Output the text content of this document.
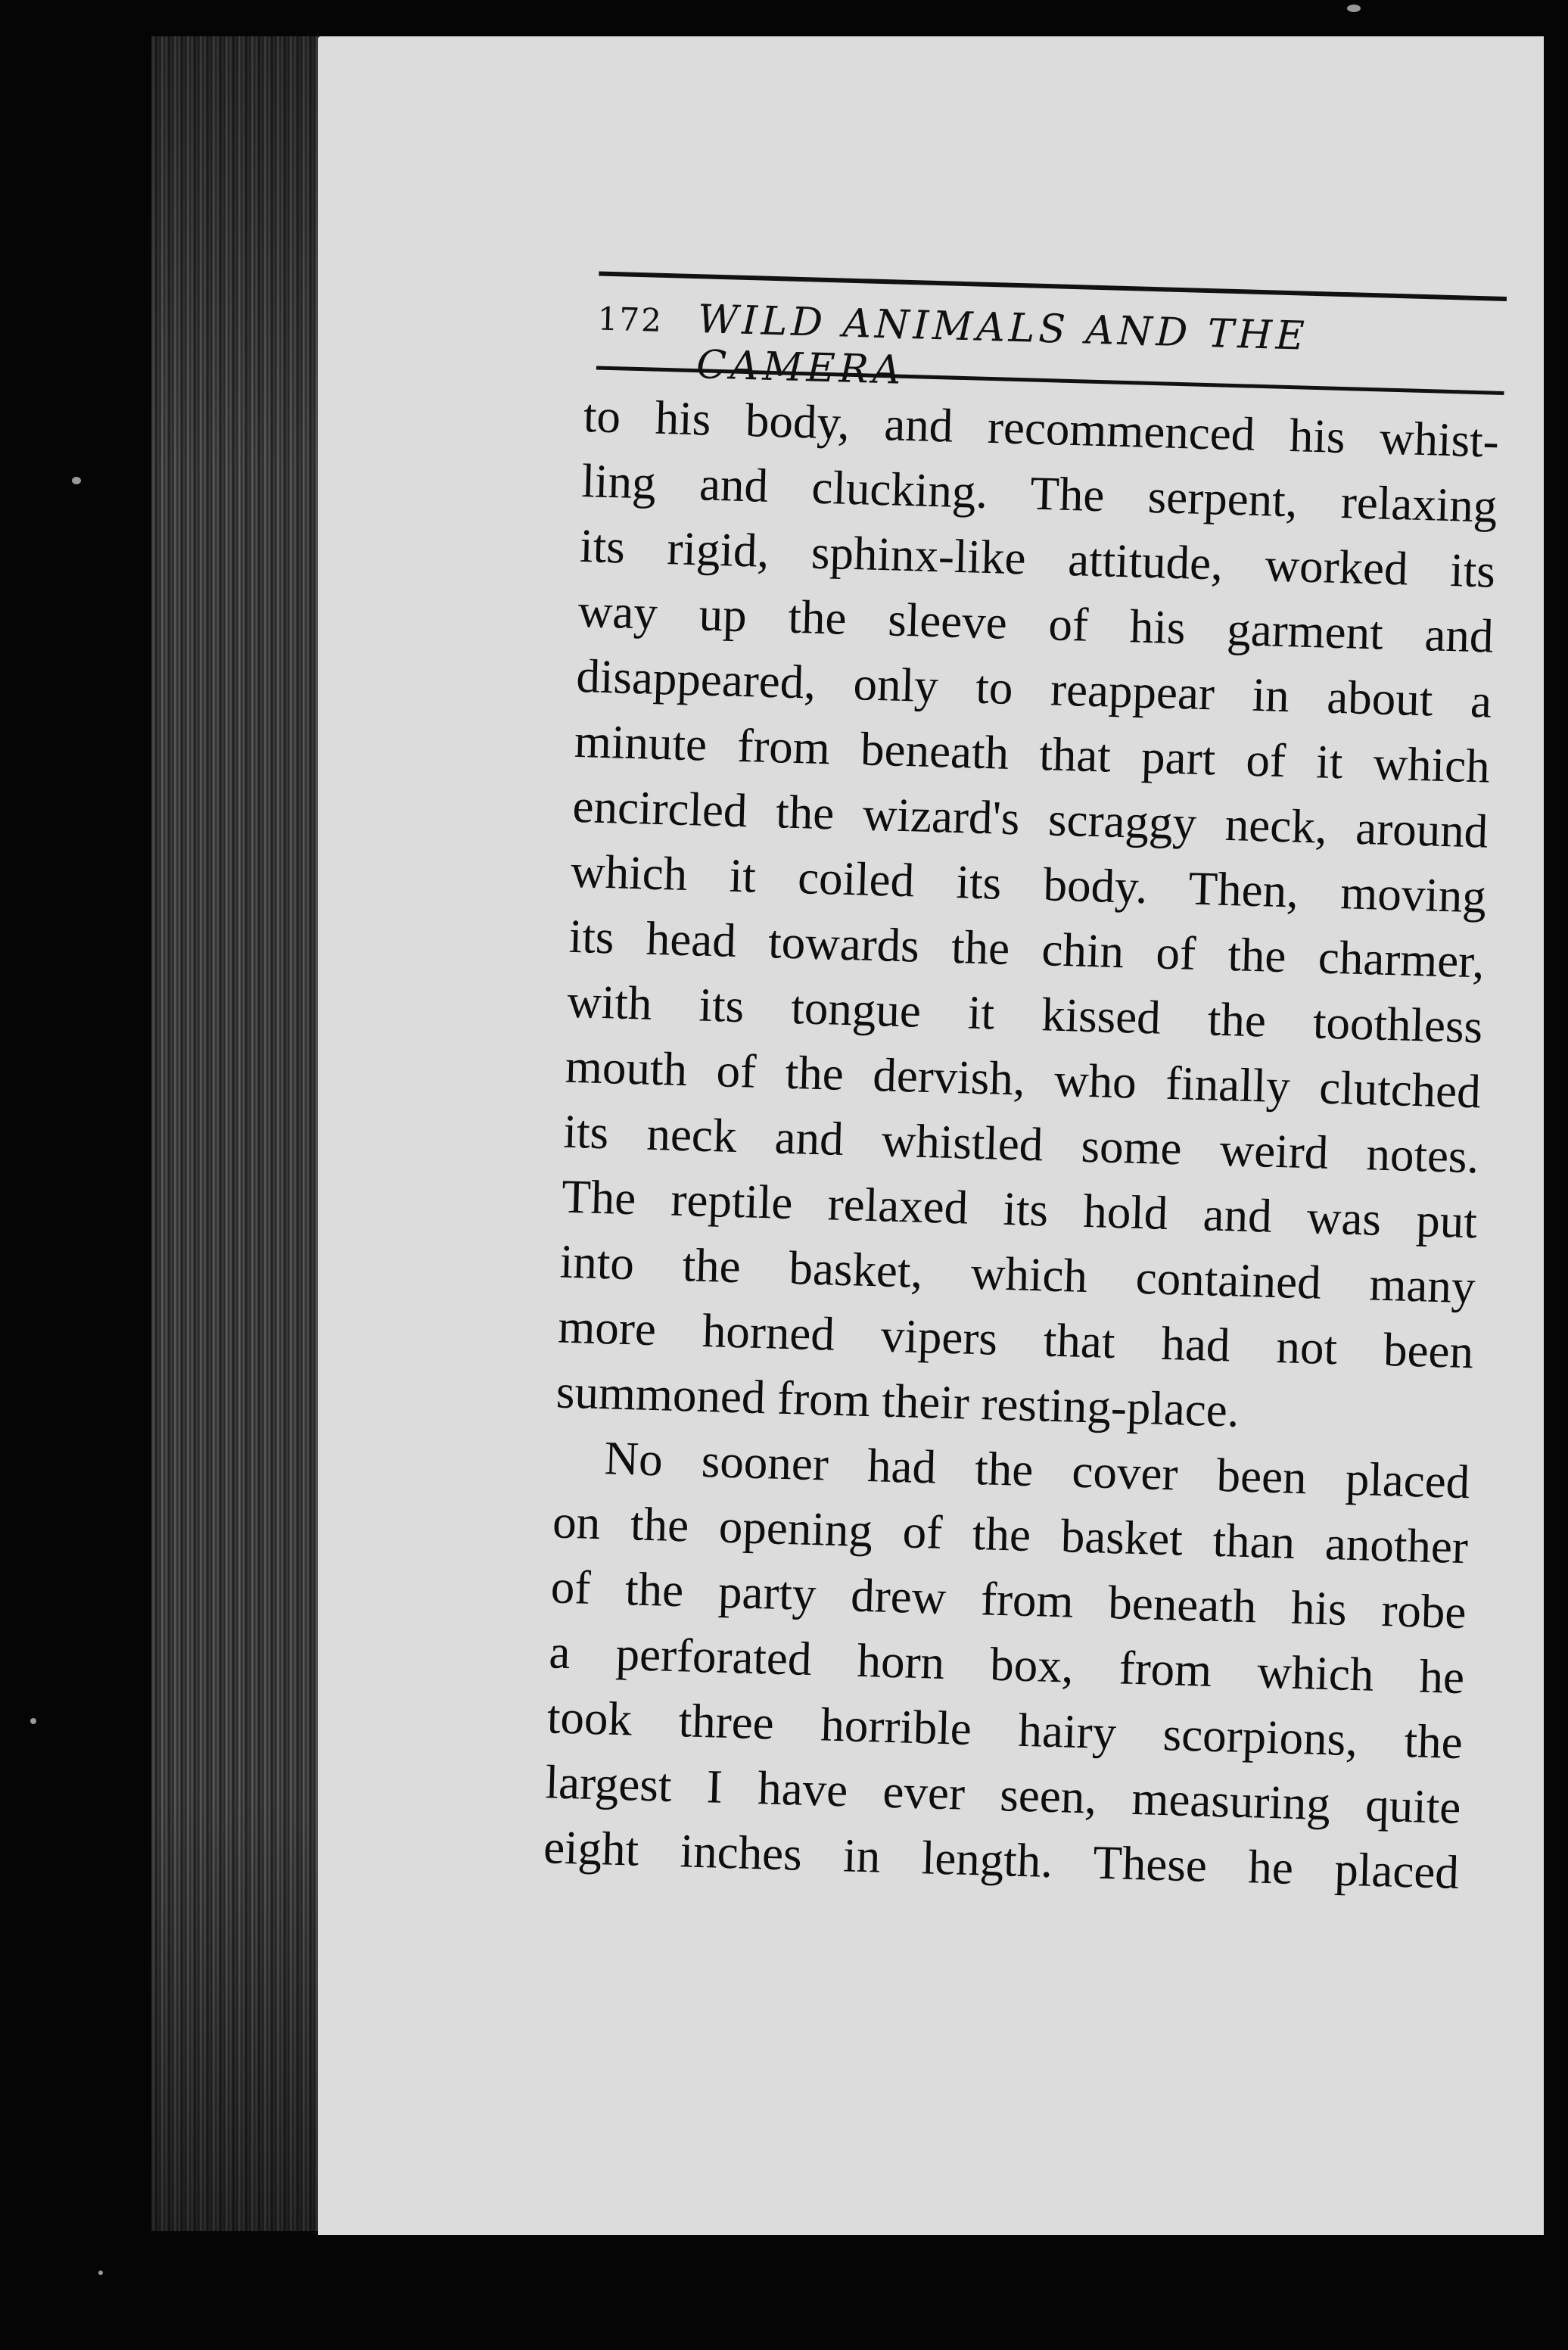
172 WILD ANIMALS AND THE CAMERA
to his body, and recommenced his whist-
ling and clucking. The serpent, relaxing
its rigid, sphinx-like attitude, worked its
way up the sleeve of his garment and
disappeared, only to reappear in about a
minute from beneath that part of it which
encircled the wizard's scraggy neck, around
which it coiled its body. Then, moving
its head towards the chin of the charmer,
with its tongue it kissed the toothless
mouth of the dervish, who finally clutched
its neck and whistled some weird notes.
The reptile relaxed its hold and was put
into the basket, which contained many
more horned vipers that had not been
summoned from their resting-place.
No sooner had the cover been placed
on the opening of the basket than another
of the party drew from beneath his robe
a perforated horn box, from which he
took three horrible hairy scorpions, the
largest I have ever seen, measuring quite
eight inches in length. These he placed
